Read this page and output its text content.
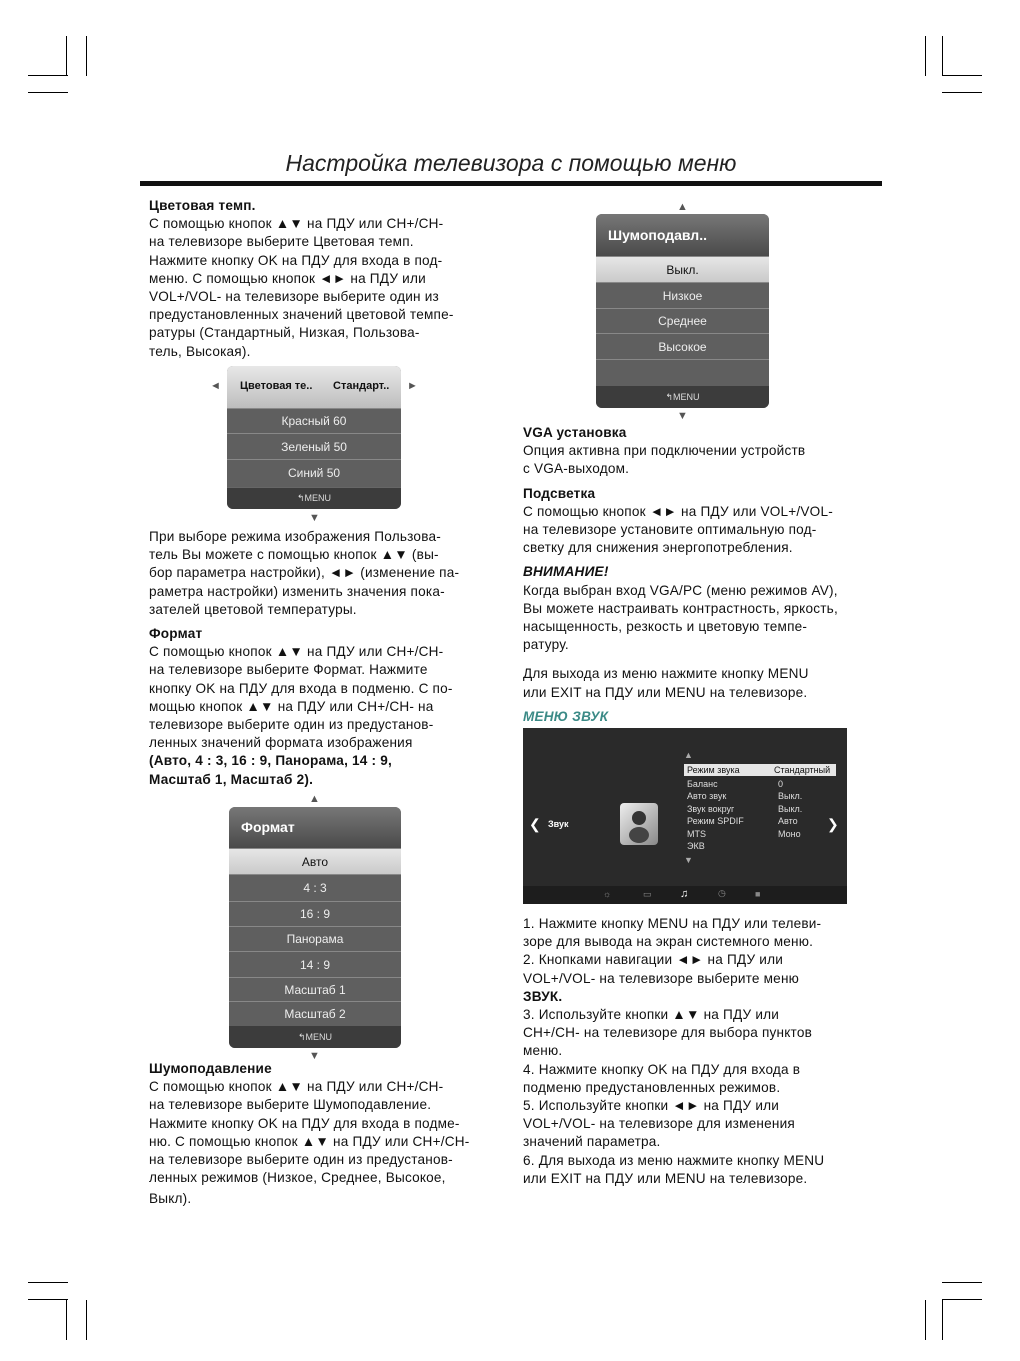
Настройка телевизора с помощью меню

Цветовая темп.

С помощью кнопок ▲▼ на ПДУ или CH+/CH-

на телевизоре выберите Цветовая темп.

Нажмите кнопку OK на ПДУ для входа в под-

меню. С помощью кнопок ◄► на ПДУ или

VOL+/VOL- на телевизоре выберите один из

предустановленных значений цветовой темпе-

ратуры (Стандартный, Низкая, Пользова-

тель, Высокая).

◄	►
Цветовая те.. Стандарт..
Красный 60
Зеленый 50
Синий 50
↰MENU
▼

При выборе режима изображения Пользова-

тель Вы можете с помощью кнопок ▲▼ (вы-

бор параметра настройки), ◄► (изменение па-

раметра настройки) изменить значения пока-

зателей цветовой температуры.

Формат

С помощью кнопок ▲▼ на ПДУ или CH+/CH-

на телевизоре выберите Формат. Нажмите

кнопку OK на ПДУ для входа в подменю. С по-

мощью кнопок ▲▼ на ПДУ или CH+/CH- на

телевизоре выберите один из предустанов-

ленных значений формата изображения

(Авто, 4 : 3, 16 : 9, Панорама, 14 : 9,

Масштаб 1, Масштаб 2).

▲
Формат
Авто
4 : 3
16 : 9
Панорама
14 : 9
Масштаб 1
Масштаб 2
↰MENU
▼

Шумоподавление

С помощью кнопок ▲▼ на ПДУ или CH+/CH-

на телевизоре выберите Шумоподавление.

Нажмите кнопку OK на ПДУ для входа в подме-

ню. С помощью кнопок ▲▼ на ПДУ или CH+/CH-

на телевизоре выберите один из предустанов-

ленных режимов (Низкое, Среднее, Высокое,

Выкл).

▲
Шумоподавл..
Выкл.
Низкое
Среднее
Высокое
↰MENU
▼

VGA установка

Опция активна при подключении устройств

с VGA-выходом.

Подсветка

С помощью кнопок ◄► на ПДУ или VOL+/VOL-

на телевизоре установите оптимальную под-

светку для снижения энергопотребления.

ВНИМАНИЕ!

Когда выбран вход VGA/PC (меню режимов AV),

Вы можете настраивать контрастность, яркость,

насыщенность, резкость и цветовую темпе-

ратуру.

Для выхода из меню нажмите кнопку MENU

или EXIT на ПДУ или MENU на телевизоре.

МЕНЮ ЗВУК

▲
❮ Звук	❯
Режим звука	Стандартный
Баланс	0
Авто звук	Выкл.
Звук вокруг	Выкл.
Режим SPDIF	Авто
MTS	Моно
ЭКВ
▼
☼	▭	♫	◷	■

1. Нажмите кнопку MENU на ПДУ или телеви-

зоре для вывода на экран системного меню.

2. Кнопками навигации ◄► на ПДУ или

VOL+/VOL- на телевизоре выберите меню

ЗВУК.

3. Используйте кнопки ▲▼ на ПДУ или

CH+/CH- на телевизоре для выбора пунктов

меню.

4. Нажмите кнопку OK на ПДУ для входа в

подменю предустановленных режимов.

5. Используйте кнопки ◄► на ПДУ или

VOL+/VOL- на телевизоре для изменения

значений параметра.

6. Для выхода из меню нажмите кнопку MENU

или EXIT на ПДУ или MENU на телевизоре.
